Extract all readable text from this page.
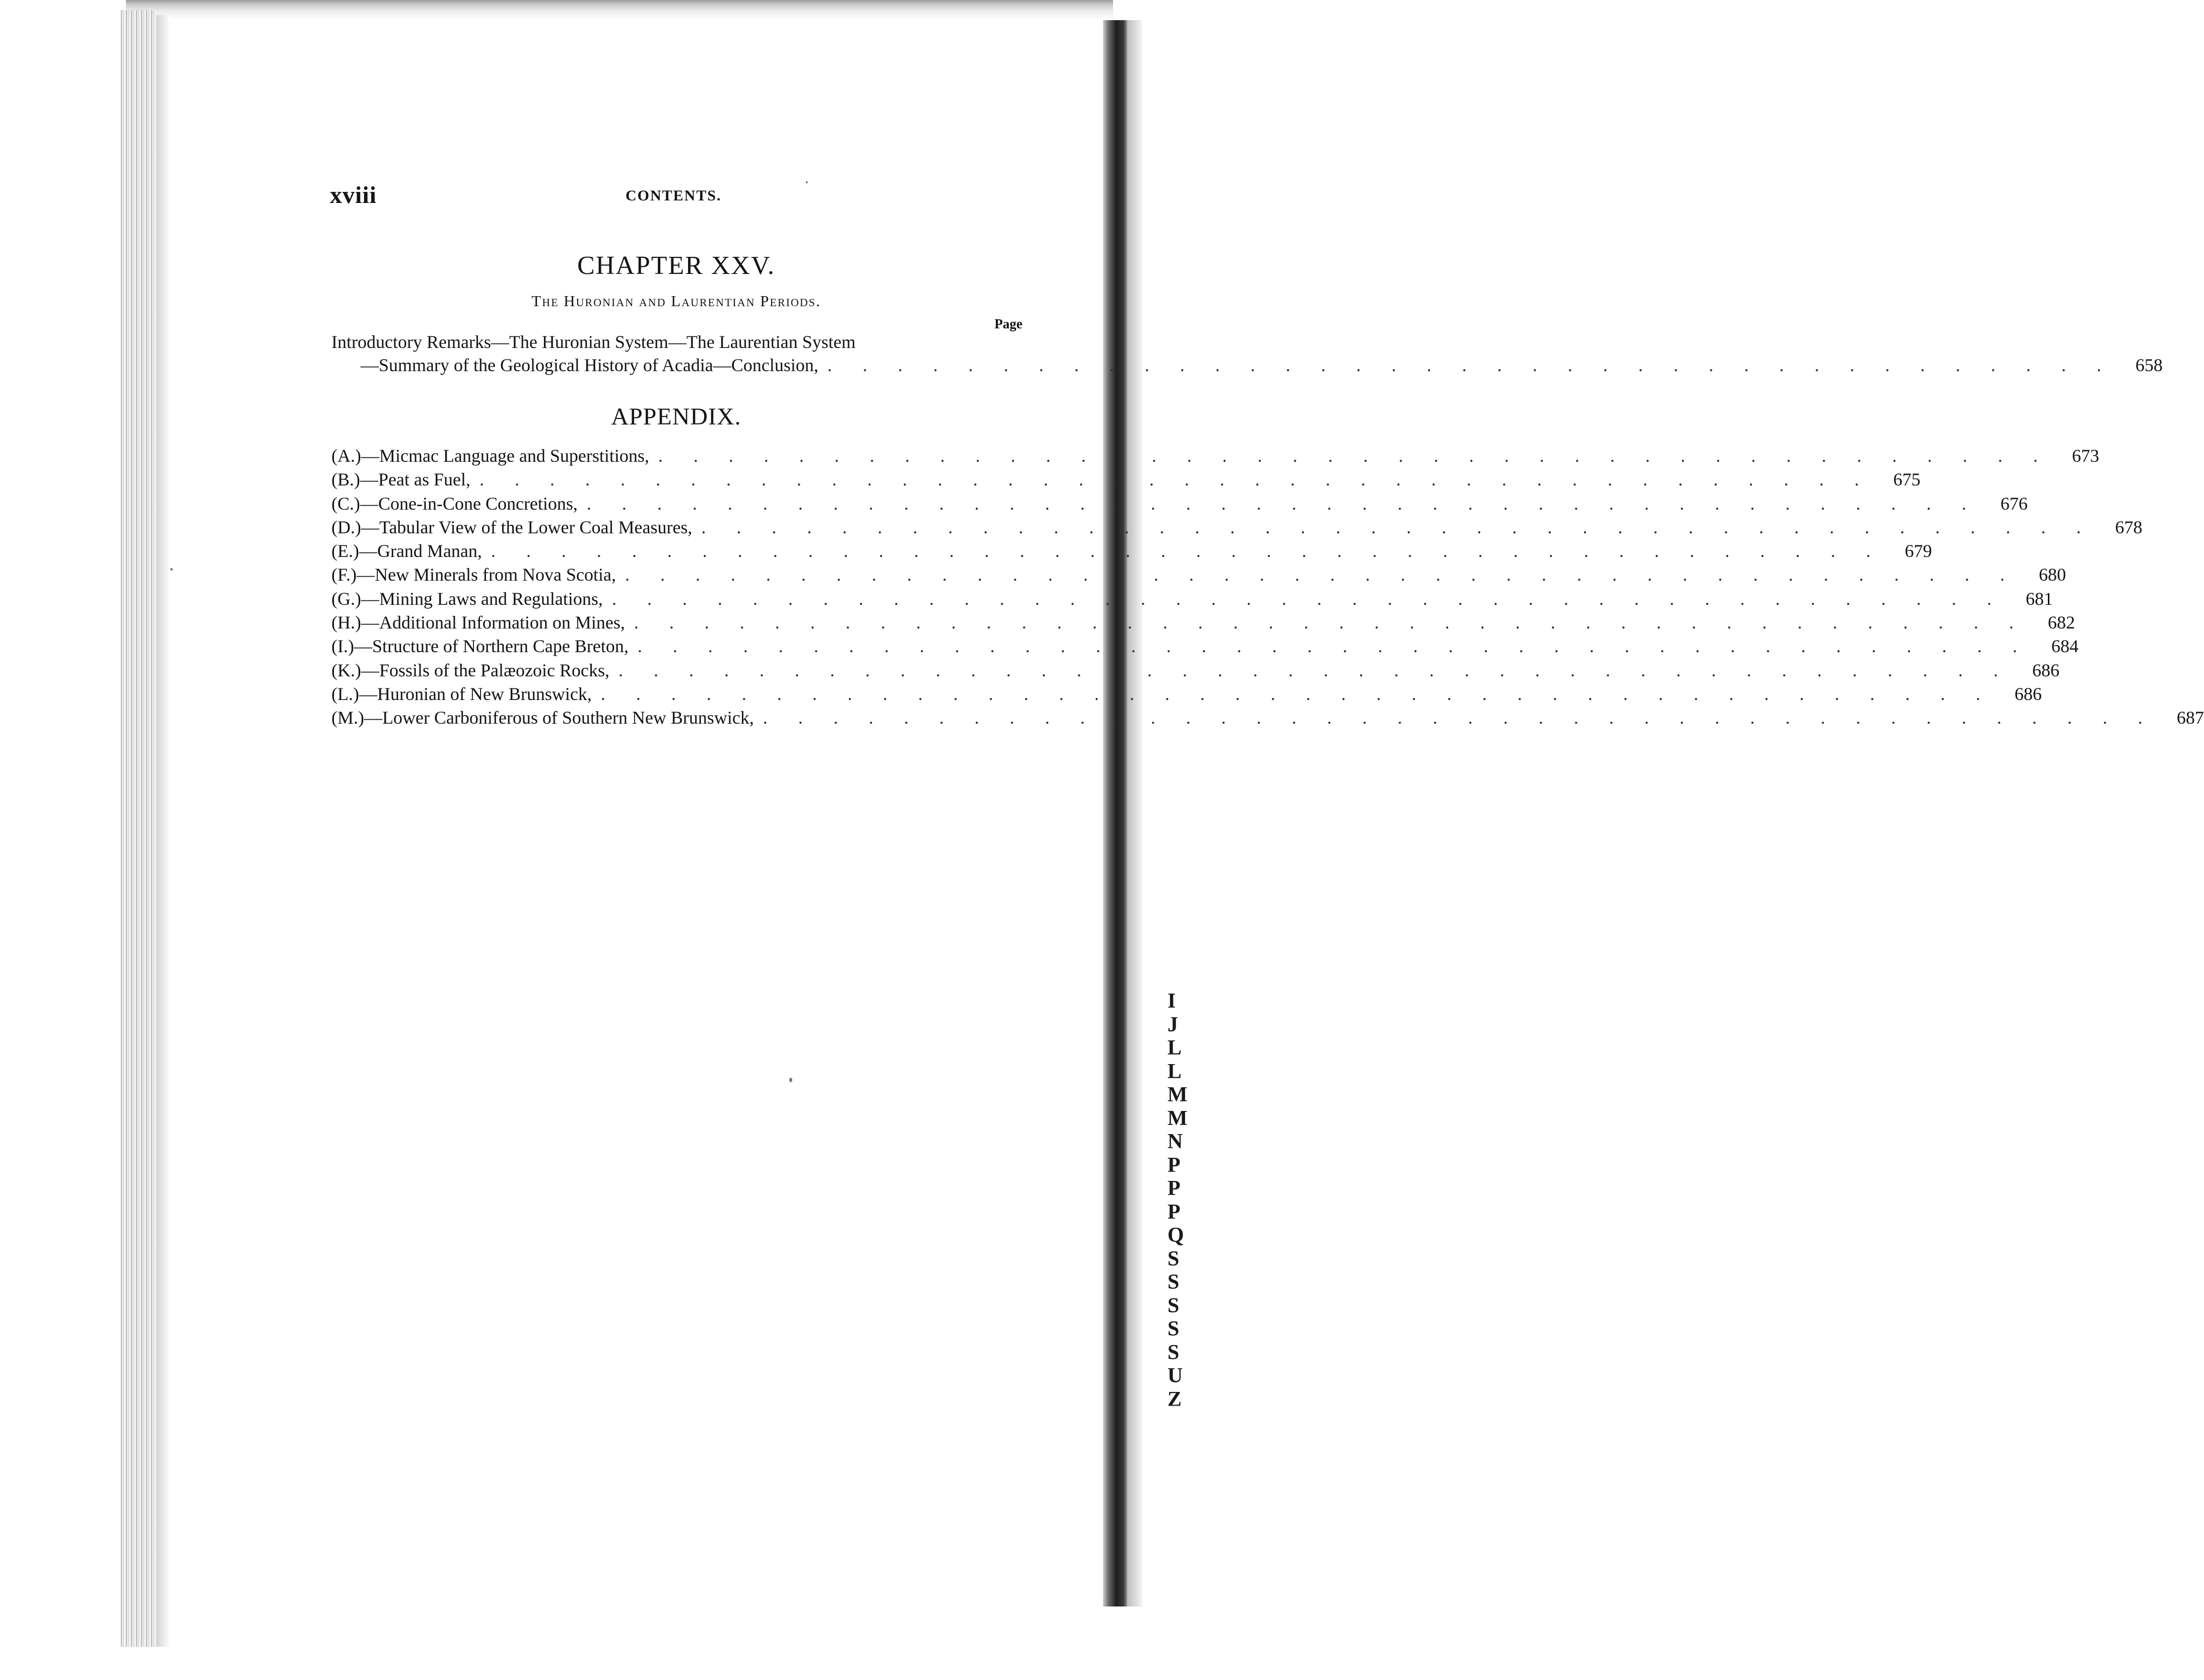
I
J
L
L
M
M
N
P
P
P
Q
S
S
S
S
S
U
Z
xviii	CONTENTS.
CHAPTER XXV.
The Huronian and Laurentian Periods.
Page
Introductory Remarks—The Huronian System—The Laurentian System
—Summary of the Geological History of Acadia—Conclusion, . . . . . . . . . . . . . . . . . . . . . . . . . . . . . . . . . . . . .	658
APPENDIX.
(A.)—Micmac Language and Superstitions, . . . . . . . . . . . . . . . . . . . . . . . . . . . . . . . . . . . . . . . .	673
(B.)—Peat as Fuel, . . . . . . . . . . . . . . . . . . . . . . . . . . . . . . . . . . . . . . . .	675
(C.)—Cone-in-Cone Concretions, . . . . . . . . . . . . . . . . . . . . . . . . . . . . . . . . . . . . . . . .	676
(D.)—Tabular View of the Lower Coal Measures, . . . . . . . . . . . . . . . . . . . . . . . . . . . . . . . . . . . . . . . .	678
(E.)—Grand Manan, . . . . . . . . . . . . . . . . . . . . . . . . . . . . . . . . . . . . . . . .	679
(F.)—New Minerals from Nova Scotia, . . . . . . . . . . . . . . . . . . . . . . . . . . . . . . . . . . . . . . . .	680
(G.)—Mining Laws and Regulations, . . . . . . . . . . . . . . . . . . . . . . . . . . . . . . . . . . . . . . . .	681
(H.)—Additional Information on Mines, . . . . . . . . . . . . . . . . . . . . . . . . . . . . . . . . . . . . . . . .	682
(I.)—Structure of Northern Cape Breton, . . . . . . . . . . . . . . . . . . . . . . . . . . . . . . . . . . . . . . . .	684
(K.)—Fossils of the Palæozoic Rocks, . . . . . . . . . . . . . . . . . . . . . . . . . . . . . . . . . . . . . . . .	686
(L.)—Huronian of New Brunswick, . . . . . . . . . . . . . . . . . . . . . . . . . . . . . . . . . . . . . . . .	686
(M.)—Lower Carboniferous of Southern New Brunswick, . . . . . . . . . . . . . . . . . . . . . . . . . . . . . . . . . . . . . . . .	687
